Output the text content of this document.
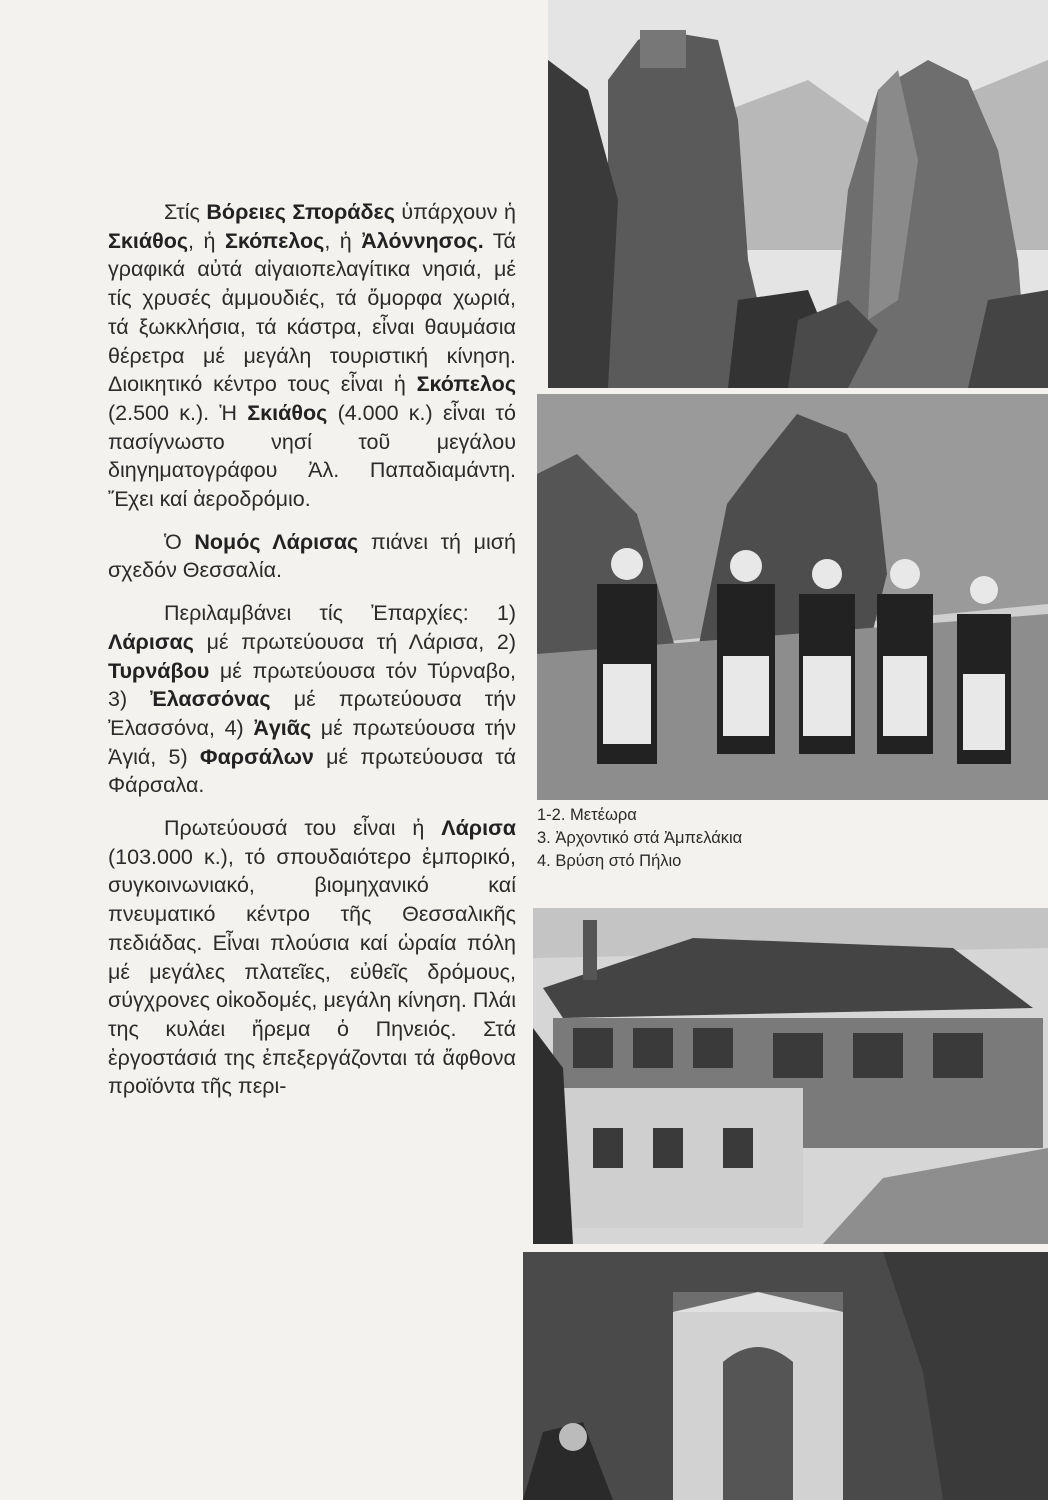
Στίς Βόρειες Σποράδες ὑπάρχουν ἡ Σκιάθος, ἡ Σκόπελος, ἡ Ἀλόννησος. Τά γραφικά αὐτά αἰγαιοπελαγίτικα νησιά, μέ τίς χρυσές ἀμμουδιές, τά ὄμορφα χωριά, τά ξωκκλήσια, τά κάστρα, εἶναι θαυμάσια θέρετρα μέ μεγάλη τουριστική κίνηση. Διοικητικό κέντρο τους εἶναι ἡ Σκόπελος (2.500 κ.). Ἡ Σκιάθος (4.000 κ.) εἶναι τό πασίγνωστο νησί τοῦ μεγάλου διηγηματογράφου Ἀλ. Παπαδιαμάντη. Ἔχει καί ἀεροδρόμιο.

Ὁ Νομός Λάρισας πιάνει τή μισή σχεδόν Θεσσαλία.

Περιλαμβάνει τίς Ἐπαρχίες: 1) Λάρισας μέ πρωτεύουσα τή Λάρισα, 2) Τυρνάβου μέ πρωτεύουσα τόν Τύρναβο, 3) Ἐλασσόνας μέ πρωτεύουσα τήν Ἐλασσόνα, 4) Ἀγιᾶς μέ πρωτεύουσα τήν Ἁγιά, 5) Φαρσάλων μέ πρωτεύουσα τά Φάρσαλα.

Πρωτεύουσά του εἶναι ἡ Λάρισα (103.000 κ.), τό σπουδαιότερο ἐμπορικό, συγκοινωνιακό, βιομηχανικό καί πνευματικό κέντρο τῆς Θεσσαλικῆς πεδιάδας. Εἶναι πλούσια καί ὡραία πόλη μέ μεγάλες πλατεῖες, εὐθεῖς δρόμους, σύγχρονες οἰκοδομές, μεγάλη κίνηση. Πλάι της κυλάει ἤρεμα ὁ Πηνειός. Στά ἐργοστάσιά της ἐπεξεργάζονται τά ἄφθονα προϊόντα τῆς περι-

1-2. Μετέωρα
3. Ἀρχοντικό στά Ἀμπελάκια
4. Βρύση στό Πήλιο
